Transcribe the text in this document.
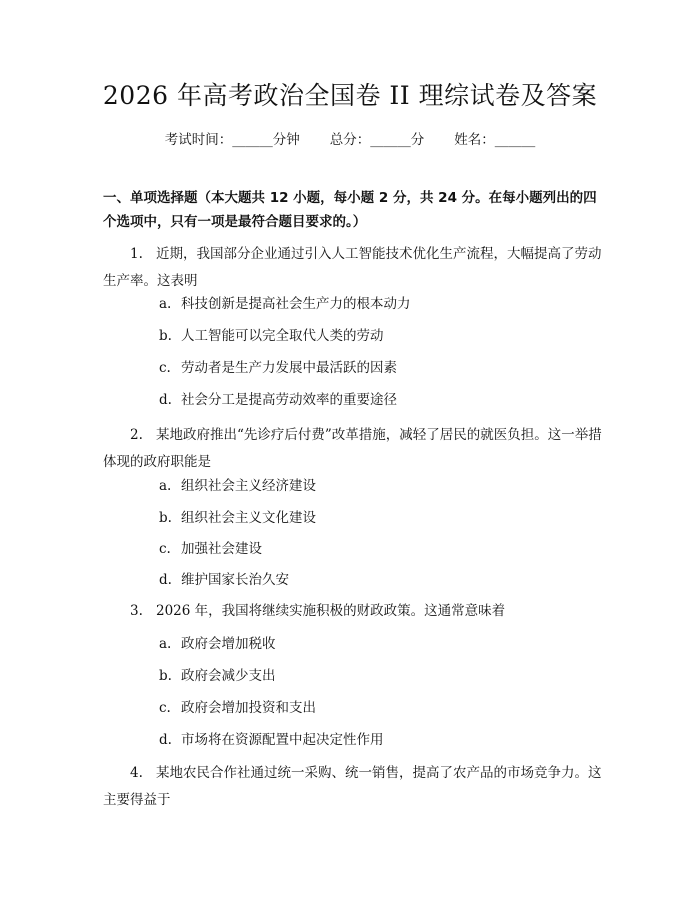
2026 年高考政治全国卷 II 理综试卷及答案
考试时间：______分钟 总分：______分 姓名：______
一、单项选择题（本大题共 12 小题，每小题 2 分，共 24 分。在每小题列出的四个选项中，只有一项是最符合题目要求的。）
1. 近期，我国部分企业通过引入人工智能技术优化生产流程，大幅提高了劳动生产率。这表明
a. 科技创新是提高社会生产力的根本动力
b. 人工智能可以完全取代人类的劳动
c. 劳动者是生产力发展中最活跃的因素
d. 社会分工是提高劳动效率的重要途径
2. 某地政府推出“先诊疗后付费”改革措施，减轻了居民的就医负担。这一举措体现的政府职能是
a. 组织社会主义经济建设
b. 组织社会主义文化建设
c. 加强社会建设
d. 维护国家长治久安
3. 2026 年，我国将继续实施积极的财政政策。这通常意味着
a. 政府会增加税收
b. 政府会减少支出
c. 政府会增加投资和支出
d. 市场将在资源配置中起决定性作用
4. 某地农民合作社通过统一采购、统一销售，提高了农产品的市场竞争力。这主要得益于
